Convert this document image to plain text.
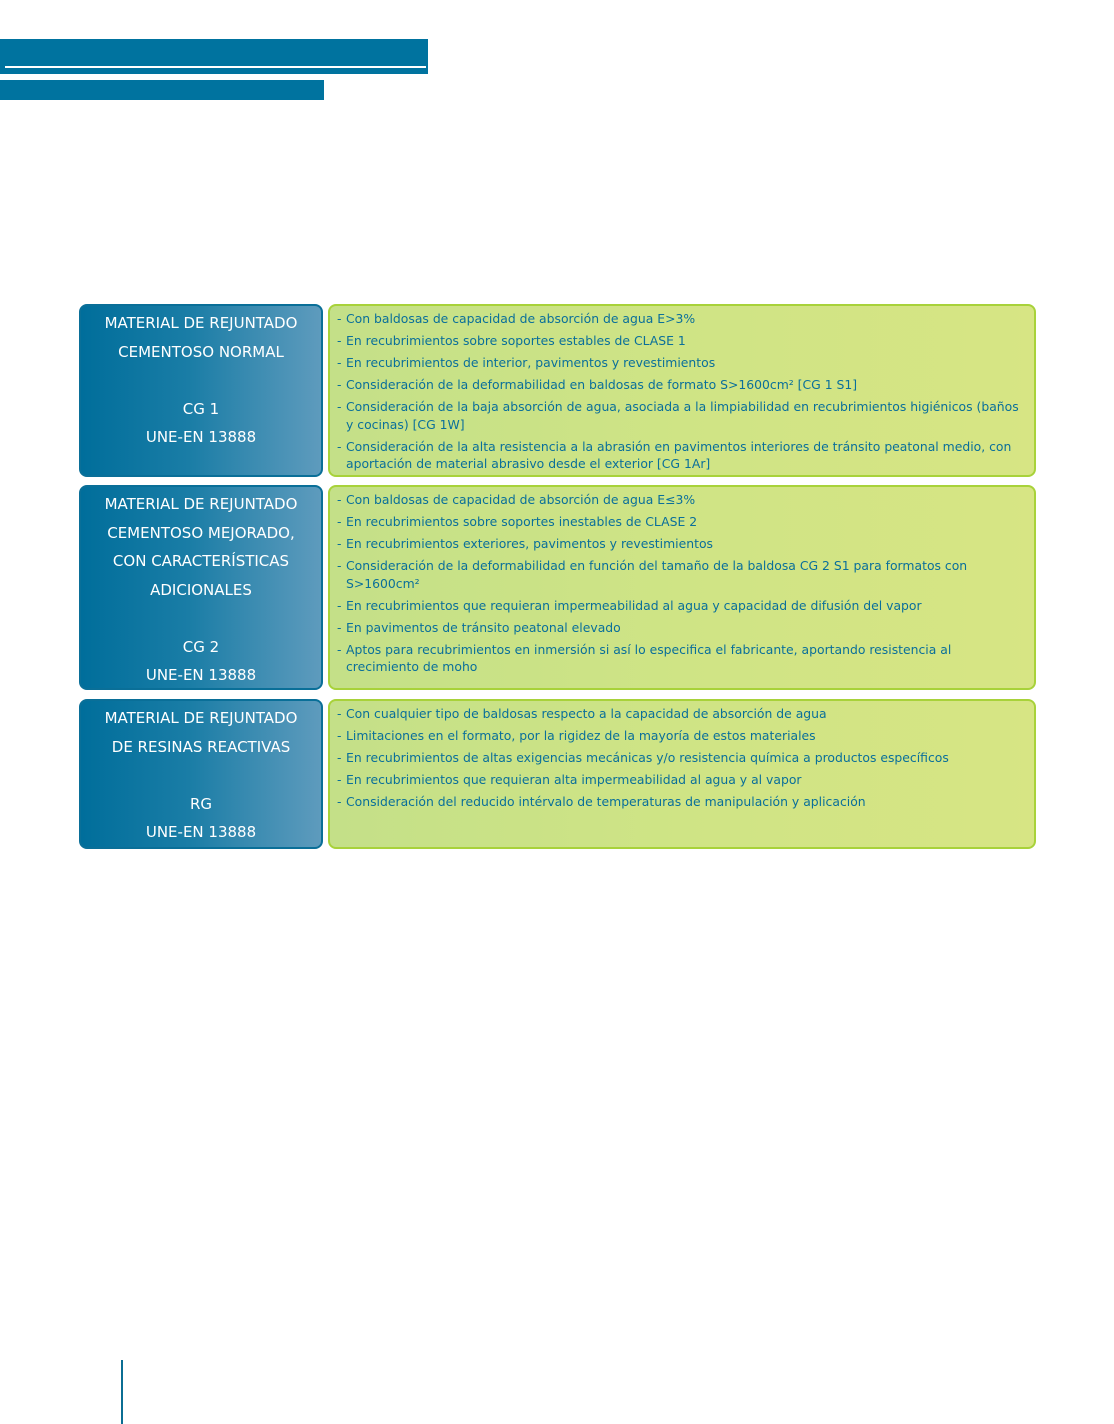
MATERIAL DE REJUNTADO
CEMENTOSO NORMAL
CG 1
UNE-EN 13888
- Con baldosas de capacidad de absorción de agua E>3%
- En recubrimientos sobre soportes estables de CLASE 1
- En recubrimientos de interior, pavimentos y revestimientos
- Consideración de la deformabilidad en baldosas de formato S>1600cm² [CG 1 S1]
- Consideración de la baja absorción de agua, asociada a la limpiabilidad en recubrimientos higiénicos (baños y cocinas) [CG 1W]
- Consideración de la alta resistencia a la abrasión en pavimentos interiores de tránsito peatonal medio, con aportación de material abrasivo desde el exterior [CG 1Ar]
MATERIAL DE REJUNTADO
CEMENTOSO MEJORADO,
CON CARACTERÍSTICAS
ADICIONALES
CG 2
UNE-EN 13888
- Con baldosas de capacidad de absorción de agua E≤3%
- En recubrimientos sobre soportes inestables de CLASE 2
- En recubrimientos exteriores, pavimentos y revestimientos
- Consideración de la deformabilidad en función del tamaño de la baldosa CG 2 S1 para formatos con S>1600cm²
- En recubrimientos que requieran impermeabilidad al agua y capacidad de difusión del vapor
- En pavimentos de tránsito peatonal elevado
- Aptos para recubrimientos en inmersión si así lo especifica el fabricante, aportando resistencia al crecimiento de moho
MATERIAL DE REJUNTADO
DE RESINAS REACTIVAS
RG
UNE-EN 13888
- Con cualquier tipo de baldosas respecto a la capacidad de absorción de agua
- Limitaciones en el formato, por la rigidez de la mayoría de estos materiales
- En recubrimientos de altas exigencias mecánicas y/o resistencia química a productos específicos
- En recubrimientos que requieran alta impermeabilidad al agua y al vapor
- Consideración del reducido intérvalo de temperaturas de manipulación y aplicación
